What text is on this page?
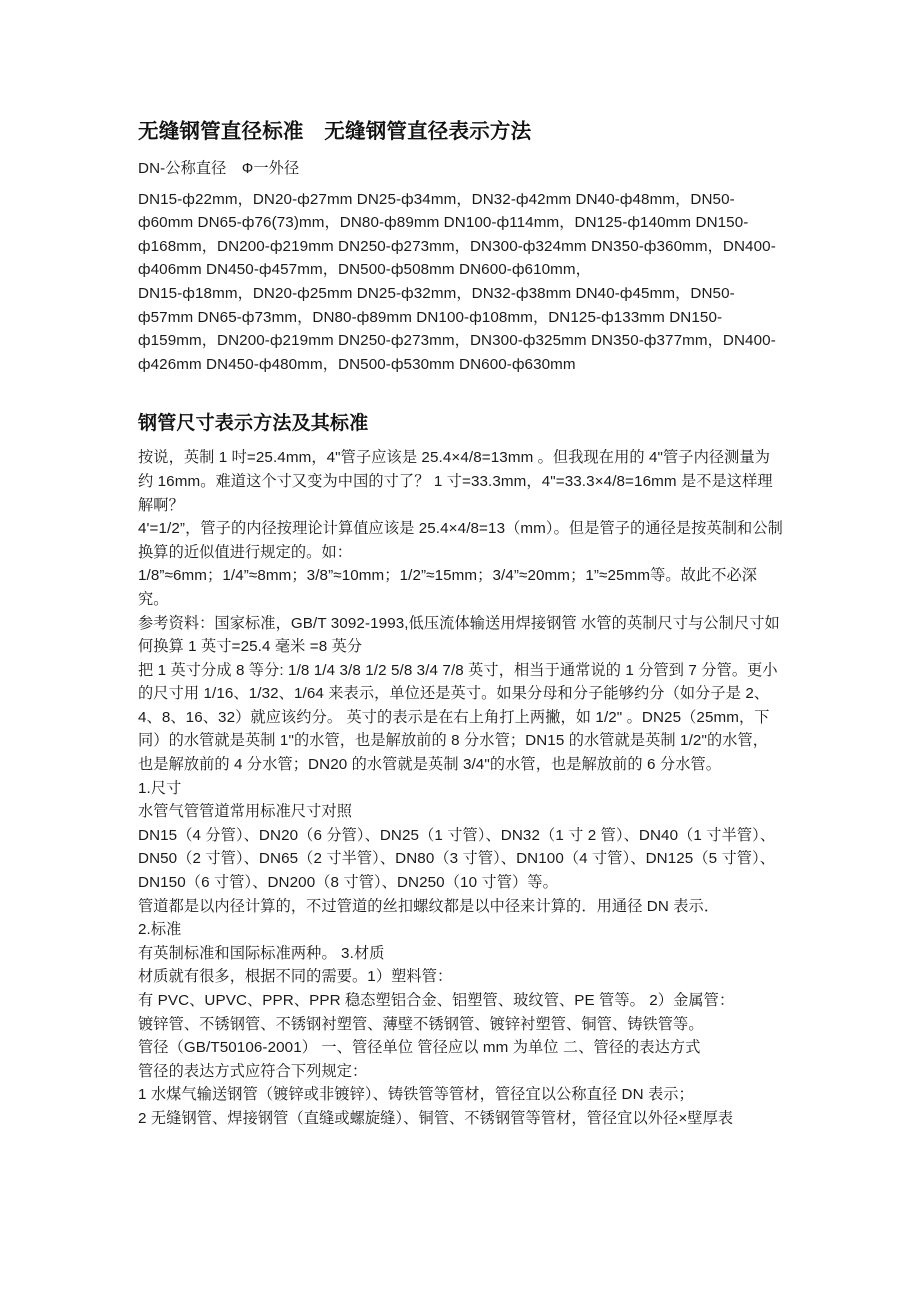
无缝钢管直径标准　无缝钢管直径表示方法
DN-公称直径　Ф一外径
DN15-ф22mm，DN20-ф27mm DN25-ф34mm，DN32-ф42mm DN40-ф48mm，DN50-ф60mm DN65-ф76(73)mm，DN80-ф89mm DN100-ф114mm，DN125-ф140mm DN150-ф168mm，DN200-ф219mm DN250-ф273mm，DN300-ф324mm DN350-ф360mm，DN400-ф406mm DN450-ф457mm，DN500-ф508mm DN600-ф610mm，
DN15-ф18mm，DN20-ф25mm DN25-ф32mm，DN32-ф38mm DN40-ф45mm，DN50-ф57mm DN65-ф73mm，DN80-ф89mm DN100-ф108mm，DN125-ф133mm DN150-ф159mm，DN200-ф219mm DN250-ф273mm，DN300-ф325mm DN350-ф377mm，DN400-ф426mm DN450-ф480mm，DN500-ф530mm DN600-ф630mm
钢管尺寸表示方法及其标准
按说，英制 1 吋=25.4mm，4"管子应该是 25.4×4/8=13mm 。但我现在用的 4"管子内径测量为约 16mm。难道这个寸又变为中国的寸了？ 1 寸=33.3mm，4"=33.3×4/8=16mm 是不是这样理解啊？
4'=1/2”，管子的内径按理论计算值应该是 25.4×4/8=13（mm）。但是管子的通径是按英制和公制换算的近似值进行规定的。如：
1/8”≈6mm；1/4”≈8mm；3/8”≈10mm；1/2”≈15mm；3/4”≈20mm；1”≈25mm等。故此不必深究。
参考资料：国家标准，GB/T 3092-1993,低压流体输送用焊接钢管 水管的英制尺寸与公制尺寸如何换算 1 英寸=25.4 毫米 =8 英分
把 1 英寸分成 8 等分: 1/8 1/4 3/8 1/2 5/8 3/4 7/8 英寸，相当于通常说的 1 分管到 7 分管。更小的尺寸用 1/16、1/32、1/64 来表示，单位还是英寸。如果分母和分子能够约分（如分子是 2、4、8、16、32）就应该约分。 英寸的表示是在右上角打上两撇，如 1/2" 。DN25（25mm，下同）的水管就是英制 1"的水管，也是解放前的 8 分水管；DN15 的水管就是英制 1/2"的水管，也是解放前的 4 分水管；DN20 的水管就是英制 3/4"的水管，也是解放前的 6 分水管。
1.尺寸
水管气管管道常用标准尺寸对照
DN15（4 分管）、DN20（6 分管）、DN25（1 寸管）、DN32（1 寸 2 管）、DN40（1 寸半管）、DN50（2 寸管）、DN65（2 寸半管）、DN80（3 寸管）、DN100（4 寸管）、DN125（5 寸管）、DN150（6 寸管）、DN200（8 寸管）、DN250（10 寸管）等。
管道都是以内径计算的，不过管道的丝扣螺纹都是以中径来计算的．用通径 DN 表示．
2.标准
有英制标准和国际标准两种。 3.材质
材质就有很多，根据不同的需要。1）塑料管：
有 PVC、UPVC、PPR、PPR 稳态塑铝合金、铝塑管、玻纹管、PE 管等。 2）金属管：
镀锌管、不锈钢管、不锈钢衬塑管、薄壁不锈钢管、镀锌衬塑管、铜管、铸铁管等。
管径（GB/T50106-2001） 一、管径单位 管径应以 mm 为单位 二、管径的表达方式
管径的表达方式应符合下列规定：
1 水煤气输送钢管（镀锌或非镀锌）、铸铁管等管材，管径宜以公称直径 DN 表示；
2 无缝钢管、焊接钢管（直缝或螺旋缝）、铜管、不锈钢管等管材，管径宜以外径×壁厚表
